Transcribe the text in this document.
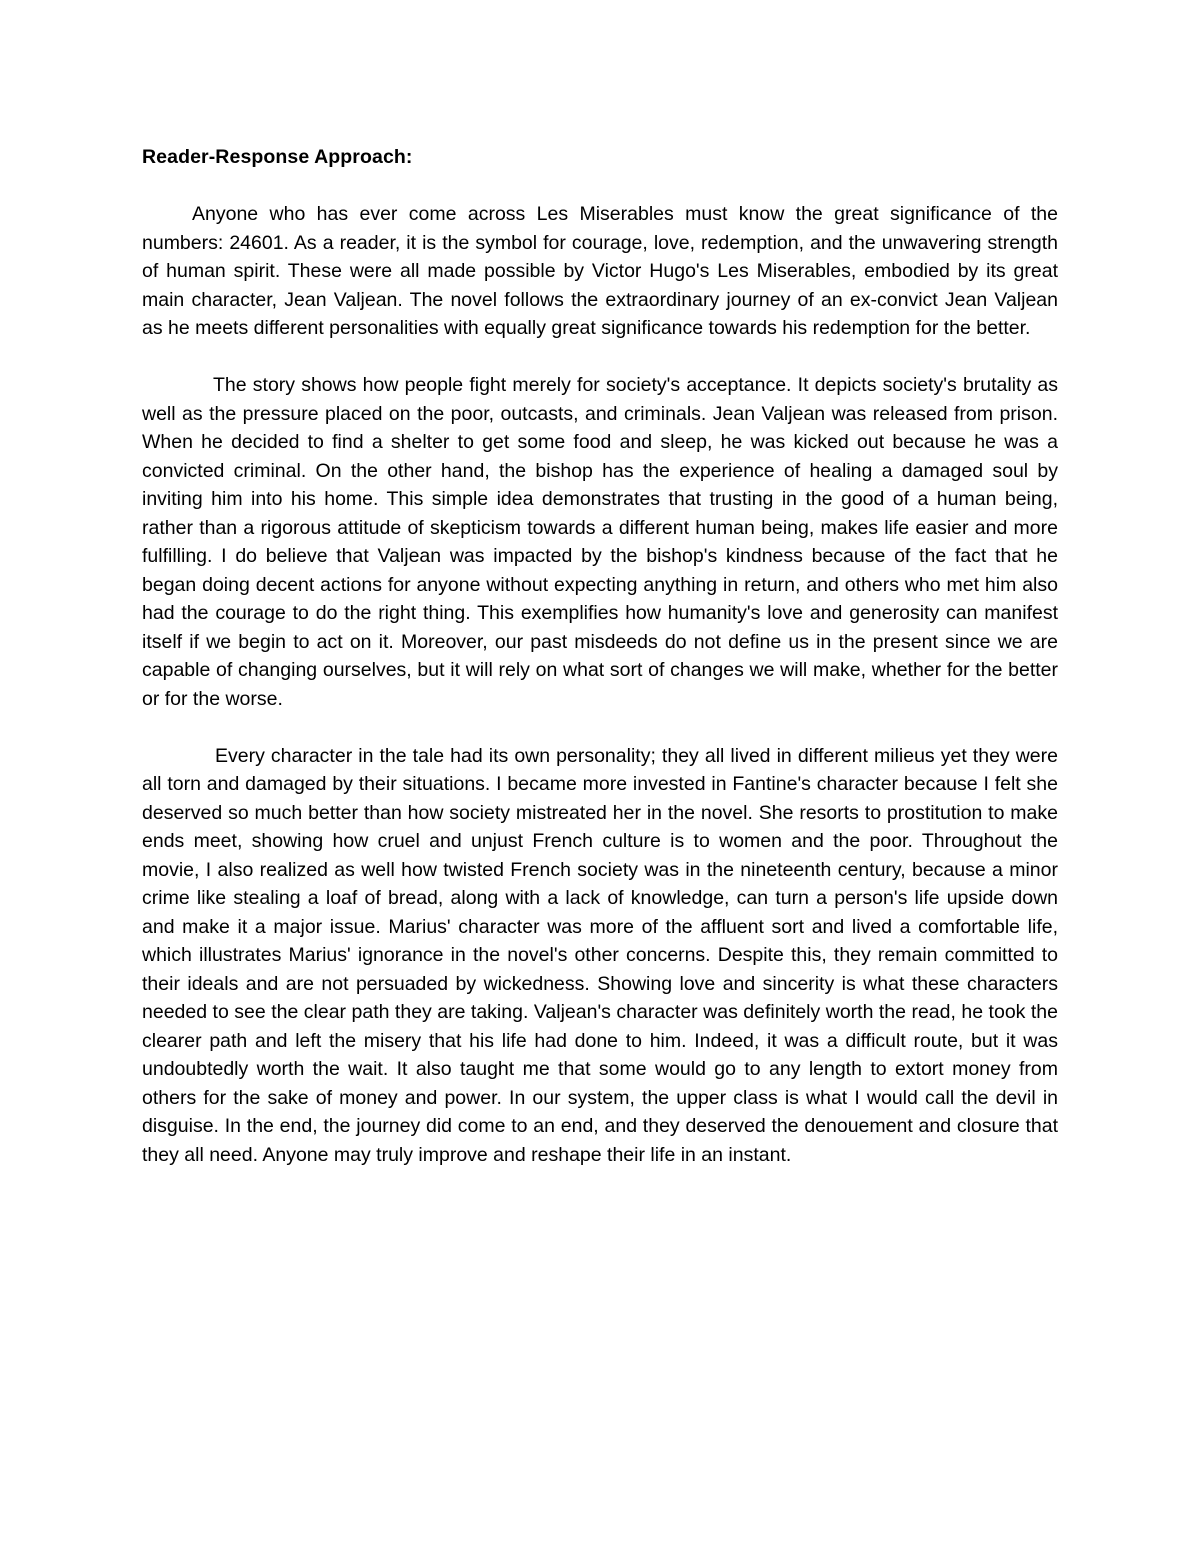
Reader-Response Approach:

Anyone who has ever come across Les Miserables must know the great significance of the numbers: 24601. As a reader, it is the symbol for courage, love, redemption, and the unwavering strength of human spirit. These were all made possible by Victor Hugo's Les Miserables, embodied by its great main character, Jean Valjean. The novel follows the extraordinary journey of an ex-convict Jean Valjean as he meets different personalities with equally great significance towards his redemption for the better.

The story shows how people fight merely for society's acceptance. It depicts society's brutality as well as the pressure placed on the poor, outcasts, and criminals. Jean Valjean was released from prison. When he decided to find a shelter to get some food and sleep, he was kicked out because he was a convicted criminal. On the other hand, the bishop has the experience of healing a damaged soul by inviting him into his home. This simple idea demonstrates that trusting in the good of a human being, rather than a rigorous attitude of skepticism towards a different human being, makes life easier and more fulfilling. I do believe that Valjean was impacted by the bishop's kindness because of the fact that he began doing decent actions for anyone without expecting anything in return, and others who met him also had the courage to do the right thing. This exemplifies how humanity's love and generosity can manifest itself if we begin to act on it. Moreover, our past misdeeds do not define us in the present since we are capable of changing ourselves, but it will rely on what sort of changes we will make, whether for the better or for the worse.

Every character in the tale had its own personality; they all lived in different milieus yet they were all torn and damaged by their situations. I became more invested in Fantine's character because I felt she deserved so much better than how society mistreated her in the novel. She resorts to prostitution to make ends meet, showing how cruel and unjust French culture is to women and the poor. Throughout the movie, I also realized as well how twisted French society was in the nineteenth century, because a minor crime like stealing a loaf of bread, along with a lack of knowledge, can turn a person's life upside down and make it a major issue. Marius' character was more of the affluent sort and lived a comfortable life, which illustrates Marius' ignorance in the novel's other concerns. Despite this, they remain committed to their ideals and are not persuaded by wickedness. Showing love and sincerity is what these characters needed to see the clear path they are taking. Valjean's character was definitely worth the read, he took the clearer path and left the misery that his life had done to him. Indeed, it was a difficult route, but it was undoubtedly worth the wait. It also taught me that some would go to any length to extort money from others for the sake of money and power. In our system, the upper class is what I would call the devil in disguise. In the end, the journey did come to an end, and they deserved the denouement and closure that they all need. Anyone may truly improve and reshape their life in an instant.
